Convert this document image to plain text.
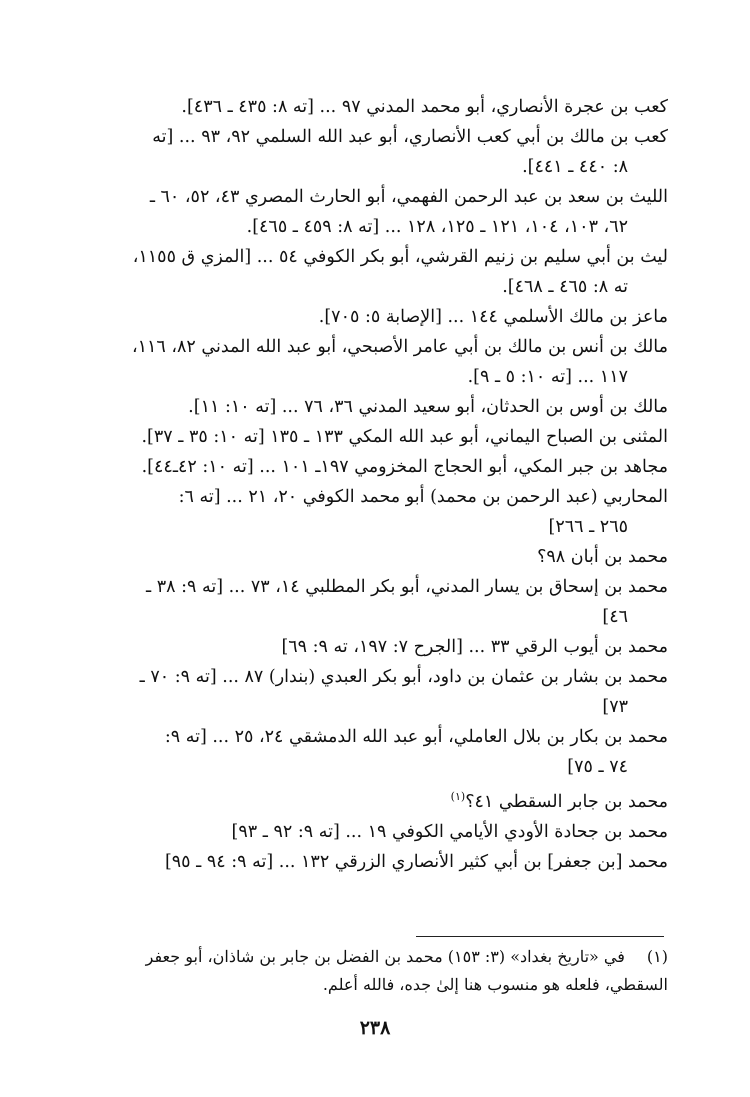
كعب بن عجرة الأنصاري، أبو محمد المدني ٩٧ ... [ته ٨: ٤٣٥ ـ ٤٣٦].
كعب بن مالك بن أبي كعب الأنصاري، أبو عبد الله السلمي ٩٢، ٩٣ ... [ته
٨: ٤٤٠ ـ ٤٤١].
الليث بن سعد بن عبد الرحمن الفهمي، أبو الحارث المصري ٤٣، ٥٢، ٦٠ ـ
٦٢، ١٠٣، ١٠٤، ١٢١ ـ ١٢٥، ١٢٨ ... [ته ٨: ٤٥٩ ـ ٤٦٥].
ليث بن أبي سليم بن زنيم القرشي، أبو بكر الكوفي ٥٤ ... [المزي ق ١١٥٥،
ته ٨: ٤٦٥ ـ ٤٦٨].
ماعز بن مالك الأسلمي ١٤٤ ... [الإصابة ٥: ٧٠٥].
مالك بن أنس بن مالك بن أبي عامر الأصبحي، أبو عبد الله المدني ٨٢، ١١٦،
١١٧ ... [ته ١٠: ٥ ـ ٩].
مالك بن أوس بن الحدثان، أبو سعيد المدني ٣٦، ٧٦ ... [ته ١٠: ١١].
المثنى بن الصباح اليماني، أبو عبد الله المكي ١٣٣ ـ ١٣٥ [ته ١٠: ٣٥ ـ ٣٧].
مجاهد بن جبر المكي، أبو الحجاج المخزومي ١٩٧ـ ١٠١ ... [ته ١٠: ٤٢ـ٤٤].
المحاربي (عبد الرحمن بن محمد) أبو محمد الكوفي ٢٠، ٢١ ... [ته ٦:
٢٦٥ ـ ٢٦٦]
محمد بن أبان ٩٨؟
محمد بن إسحاق بن يسار المدني، أبو بكر المطلبي ١٤، ٧٣ ... [ته ٩: ٣٨ ـ
٤٦]
محمد بن أيوب الرقي ٣٣ ... [الجرح ٧: ١٩٧، ته ٩: ٦٩]
محمد بن بشار بن عثمان بن داود، أبو بكر العبدي (بندار) ٨٧ ... [ته ٩: ٧٠ ـ
٧٣]
محمد بن بكار بن بلال العاملي، أبو عبد الله الدمشقي ٢٤، ٢٥ ... [ته ٩:
٧٤ ـ ٧٥]
محمد بن جابر السقطي ٤١؟$^{(١)}$
محمد بن جحادة الأودي الأيامي الكوفي ١٩ ... [ته ٩: ٩٢ ـ ٩٣]
محمد [بن جعفر] بن أبي كثير الأنصاري الزرقي ١٣٢ ... [ته ٩: ٩٤ ـ ٩٥]
(١)في «تاريخ بغداد» (٣: ١٥٣) محمد بن الفضل بن جابر بن شاذان، أبو جعفر
السقطي، فلعله هو منسوب هنا إلىٰ جده، فالله أعلم.
٢٣٨
